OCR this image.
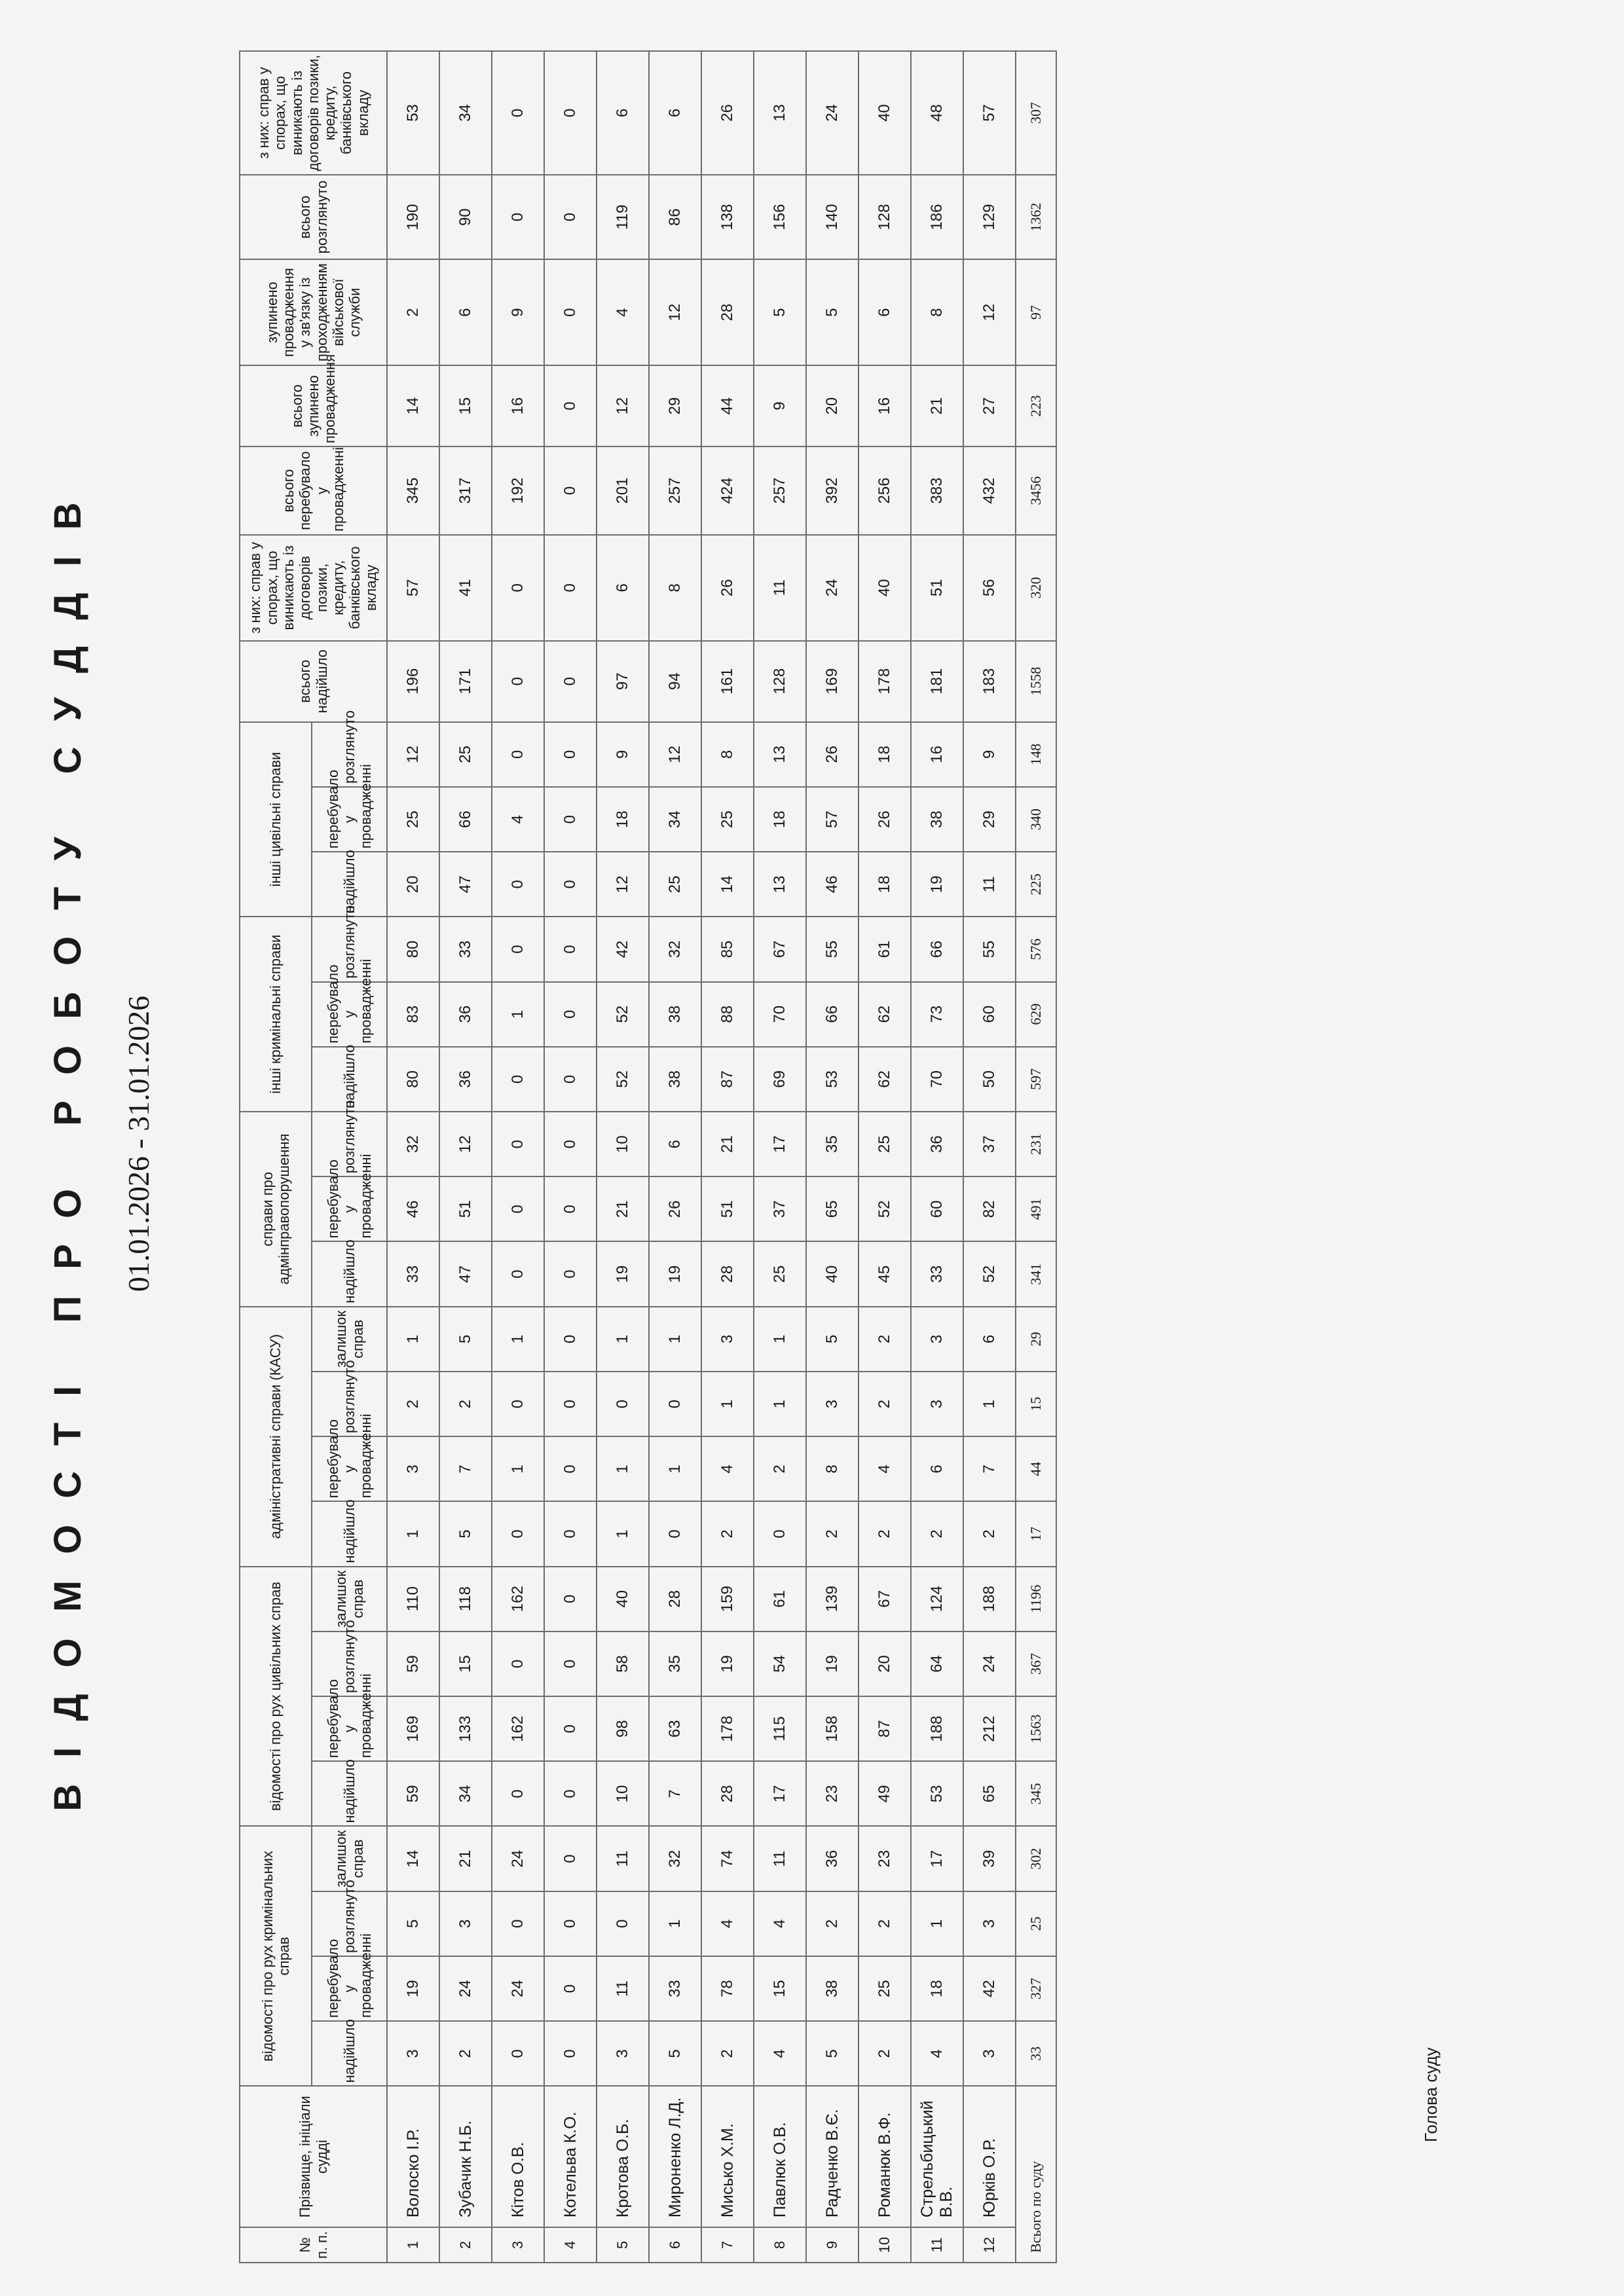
ВІДОМОСТІ ПРО РОБОТУ СУДДІВ 01.01.2026 - 31.01.2026
№ п. п.	Прізвище, ініціали судді	відомості про рух кримінальних справ				відомості про рух цивільних справ				адміністративні справи (КАСУ)				справи про адмінправопорушення			інші кримінальні справи			інші цивільні справи			всього надійшло	з них: справ у спорах, що виникають із договорів позики, кредиту, банківського вкладу	всього перебувало у провадженні	всього зупинено провадження	зупинено провадження у зв'язку із проходженням військової служби	всього розглянуто	з них: справ у спорах, що виникають із договорів позики, кредиту, банківського вкладу
		надійшло	перебувало у провадженні	розглянуто	залишок справ	надійшло	перебувало у провадженні	розглянуто	залишок справ	надійшло	перебувало у провадженні	розглянуто	залишок справ	надійшло	перебувало у провадженні	розглянуто	надійшло	перебувало у провадженні	розглянуто	надійшло	перебувало у провадженні	розглянуто							
1	Волоско І.Р.	3	19	5	14	59	169	59	110	1	3	2	1	33	46	32	80	83	80	20	25	12	196	57	345	14	2	190	53
2	Зубачик Н.Б.	2	24	3	21	34	133	15	118	5	7	2	5	47	51	12	36	36	33	47	66	25	171	41	317	15	6	90	34
3	Кітов О.В.	0	24	0	24	0	162	0	162	0	1	0	1	0	0	0	0	1	0	0	4	0	0	0	192	16	9	0	0
4	Котельва К.О.	0	0	0	0	0	0	0	0	0	0	0	0	0	0	0	0	0	0	0	0	0	0	0	0	0	0	0	0
5	Кротова О.Б.	3	11	0	11	10	98	58	40	1	1	0	1	19	21	10	52	52	42	12	18	9	97	6	201	12	4	119	6
6	Мироненко Л.Д.	5	33	1	32	7	63	35	28	0	1	0	1	19	26	6	38	38	32	25	34	12	94	8	257	29	12	86	6
7	Мисько Х.М.	2	78	4	74	28	178	19	159	2	4	1	3	28	51	21	87	88	85	14	25	8	161	26	424	44	28	138	26
8	Павлюк О.В.	4	15	4	11	17	115	54	61	0	2	1	1	25	37	17	69	70	67	13	18	13	128	11	257	9	5	156	13
9	Радченко В.Є.	5	38	2	36	23	158	19	139	2	8	3	5	40	65	35	53	66	55	46	57	26	169	24	392	20	5	140	24
10	Романюк В.Ф.	2	25	2	23	49	87	20	67	2	4	2	2	45	52	25	62	62	61	18	26	18	178	40	256	16	6	128	40
11	Стрельбицький В.В.	4	18	1	17	53	188	64	124	2	6	3	3	33	60	36	70	73	66	19	38	16	181	51	383	21	8	186	48
12	Юрків О.Р.	3	42	3	39	65	212	24	188	2	7	1	6	52	82	37	50	60	55	11	29	9	183	56	432	27	12	129	57
Всього по суду		33	327	25	302	345	1563	367	1196	17	44	15	29	341	491	231	597	629	576	225	340	148	1558	320	3456	223	97	1362	307
Голова суду
